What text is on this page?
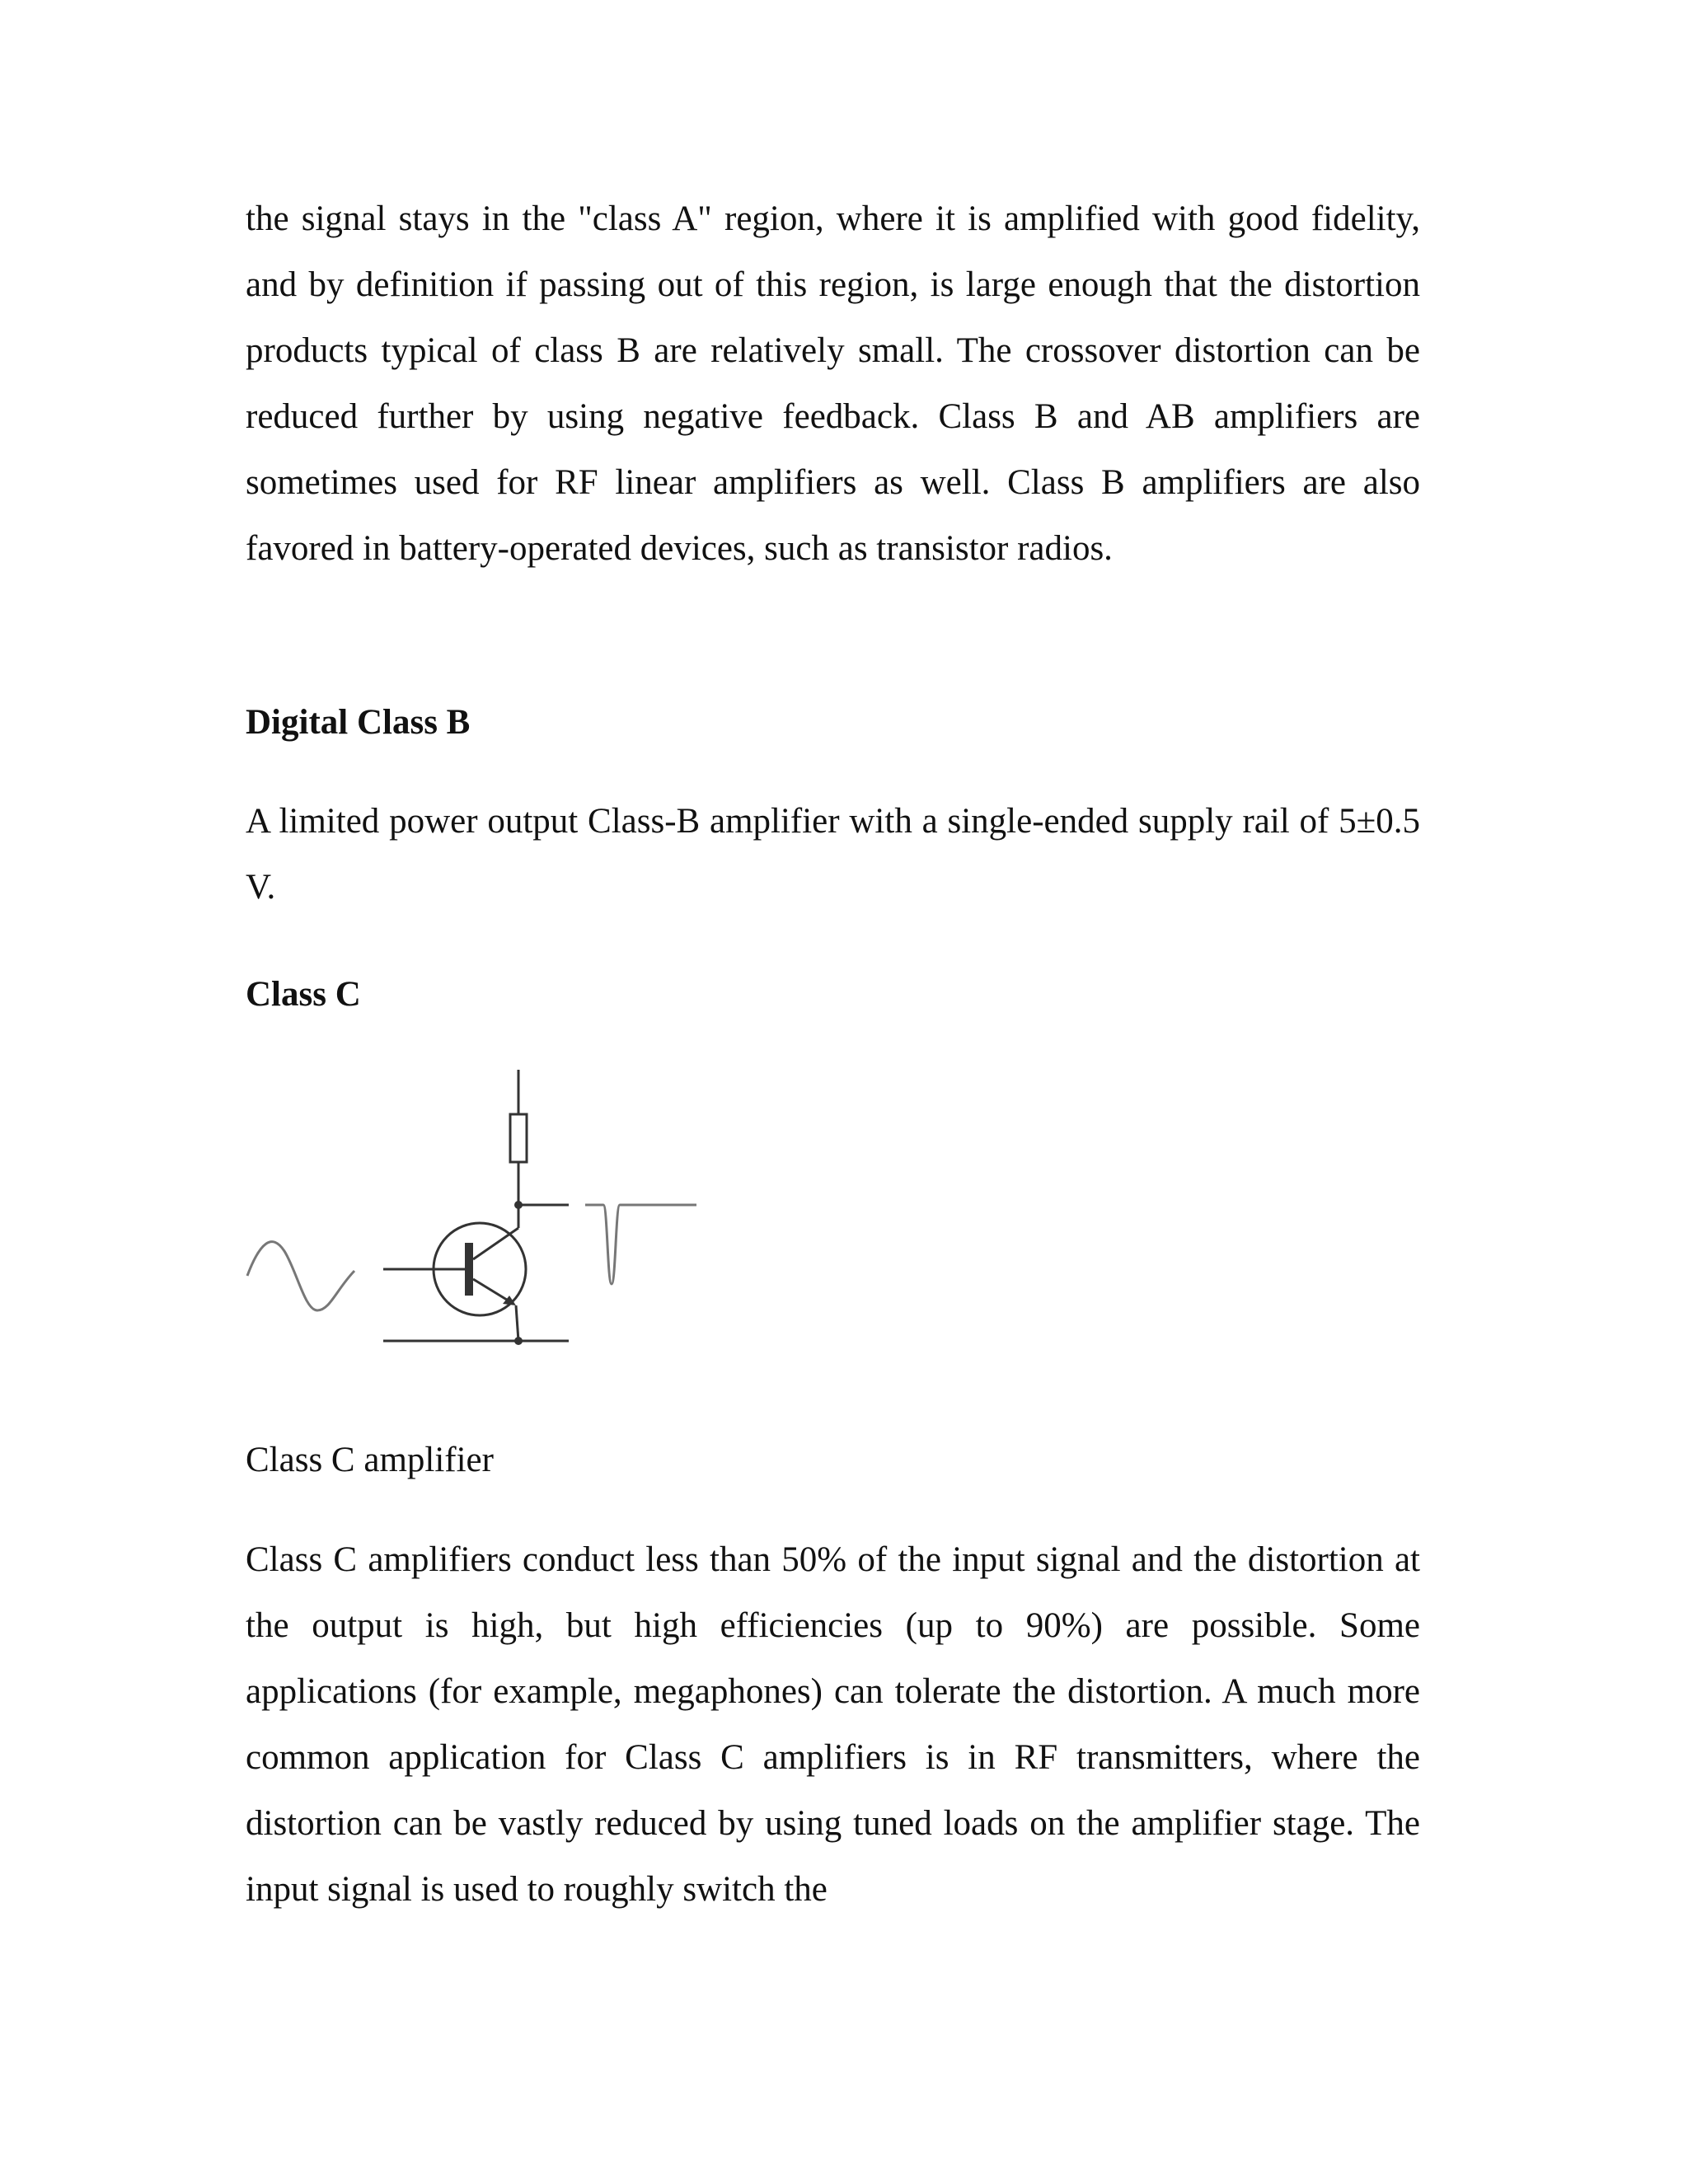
the signal stays in the "class A" region, where it is amplified with good fidelity, and by definition if passing out of this region, is large enough that the distortion products typical of class B are relatively small. The crossover distortion can be reduced further by using negative feedback. Class B and AB amplifiers are sometimes used for RF linear amplifiers as well. Class B amplifiers are also favored in battery-operated devices, such as transistor radios.

Digital Class B

A limited power output Class-B amplifier with a single-ended supply rail of 5±0.5 V.

Class C
Class C amplifier

Class C amplifiers conduct less than 50% of the input signal and the distortion at the output is high, but high efficiencies (up to 90%) are possible. Some applications (for example, megaphones) can tolerate the distortion. A much more common application for Class C amplifiers is in RF transmitters, where the distortion can be vastly reduced by using tuned loads on the amplifier stage. The input signal is used to roughly switch the
